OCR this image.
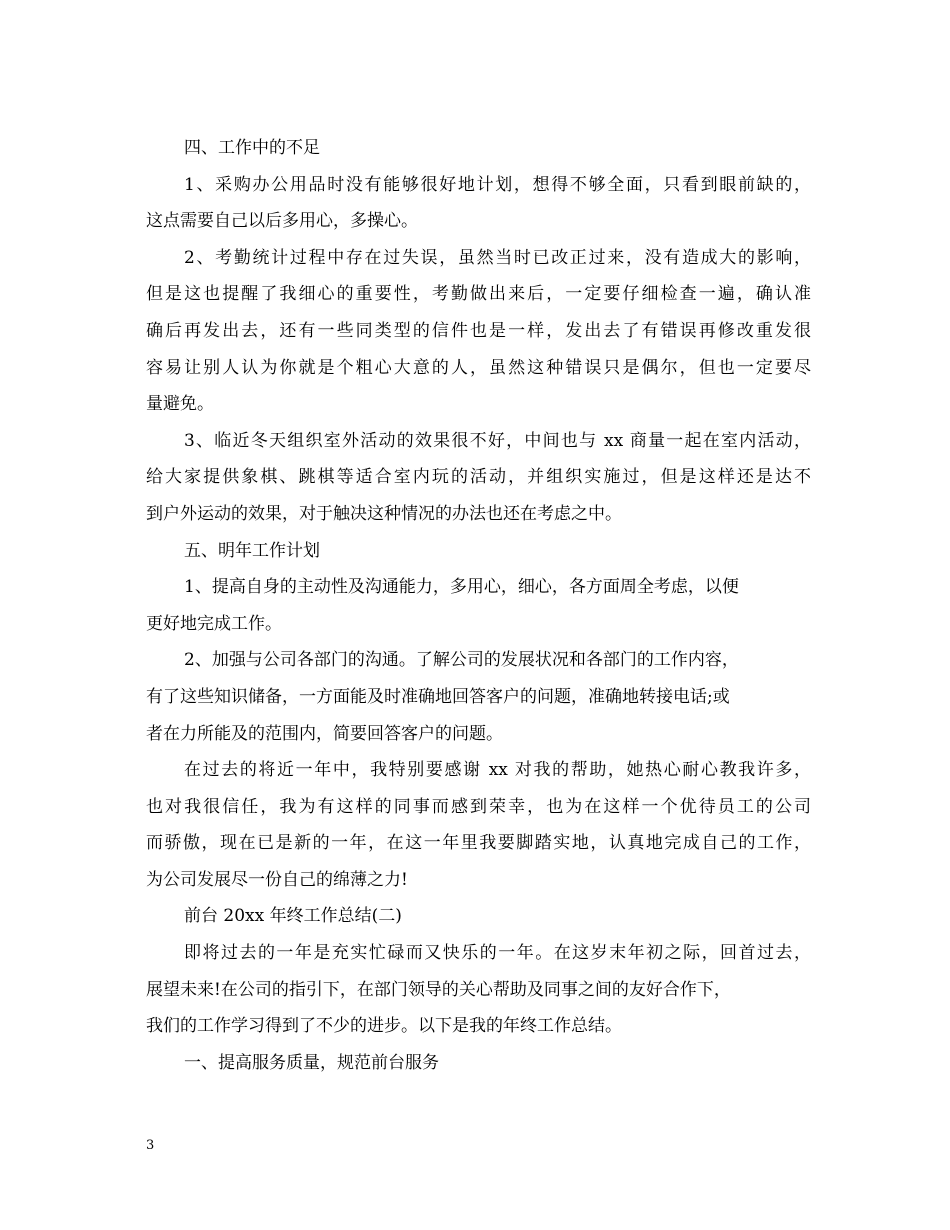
四、工作中的不足
1、采购办公用品时没有能够很好地计划，想得不够全面，只看到眼前缺的，
这点需要自己以后多用心，多操心。
2、考勤统计过程中存在过失误，虽然当时已改正过来，没有造成大的影响，
但是这也提醒了我细心的重要性，考勤做出来后，一定要仔细检查一遍，确认准
确后再发出去，还有一些同类型的信件也是一样，发出去了有错误再修改重发很
容易让别人认为你就是个粗心大意的人，虽然这种错误只是偶尔，但也一定要尽
量避免。
3、临近冬天组织室外活动的效果很不好，中间也与 xx 商量一起在室内活动，
给大家提供象棋、跳棋等适合室内玩的活动，并组织实施过，但是这样还是达不
到户外运动的效果，对于触决这种情况的办法也还在考虑之中。
五、明年工作计划
1、提高自身的主动性及沟通能力，多用心，细心，各方面周全考虑，以便
更好地完成工作。
2、加强与公司各部门的沟通。了解公司的发展状况和各部门的工作内容，
有了这些知识储备，一方面能及时准确地回答客户的问题，准确地转接电话;或
者在力所能及的范围内，简要回答客户的问题。
在过去的将近一年中，我特别要感谢 xx 对我的帮助，她热心耐心教我许多，
也对我很信任，我为有这样的同事而感到荣幸，也为在这样一个优待员工的公司
而骄傲，现在已是新的一年，在这一年里我要脚踏实地，认真地完成自己的工作，
为公司发展尽一份自己的绵薄之力!
前台 20xx 年终工作总结(二)
即将过去的一年是充实忙碌而又快乐的一年。在这岁末年初之际，回首过去，
展望未来!在公司的指引下，在部门领导的关心帮助及同事之间的友好合作下，
我们的工作学习得到了不少的进步。以下是我的年终工作总结。
一、提高服务质量，规范前台服务
3
